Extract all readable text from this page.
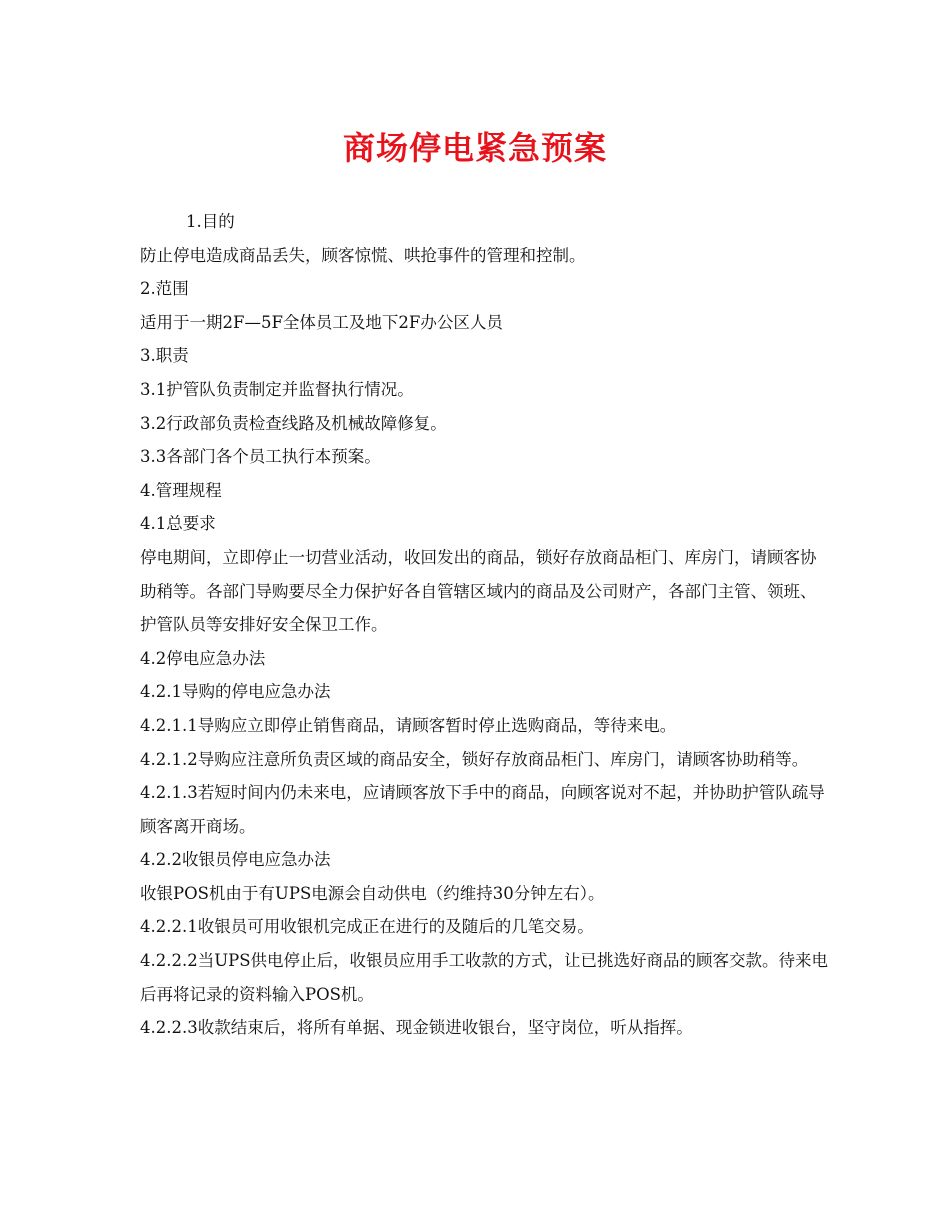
商场停电紧急预案

1.目的

防止停电造成商品丢失，顾客惊慌、哄抢事件的管理和控制。

2.范围

适用于一期2F—5F全体员工及地下2F办公区人员

3.职责

3.1护管队负责制定并监督执行情况。

3.2行政部负责检查线路及机械故障修复。

3.3各部门各个员工执行本预案。

4.管理规程

4.1总要求

停电期间，立即停止一切营业活动，收回发出的商品，锁好存放商品柜门、库房门，请顾客协助稍等。各部门导购要尽全力保护好各自管辖区域内的商品及公司财产，各部门主管、领班、护管队员等安排好安全保卫工作。

4.2停电应急办法

4.2.1导购的停电应急办法

4.2.1.1导购应立即停止销售商品，请顾客暂时停止选购商品，等待来电。

4.2.1.2导购应注意所负责区域的商品安全，锁好存放商品柜门、库房门，请顾客协助稍等。

4.2.1.3若短时间内仍未来电，应请顾客放下手中的商品，向顾客说对不起，并协助护管队疏导顾客离开商场。

4.2.2收银员停电应急办法

收银POS机由于有UPS电源会自动供电（约维持30分钟左右）。

4.2.2.1收银员可用收银机完成正在进行的及随后的几笔交易。

4.2.2.2当UPS供电停止后，收银员应用手工收款的方式，让已挑选好商品的顾客交款。待来电后再将记录的资料输入POS机。

4.2.2.3收款结束后，将所有单据、现金锁进收银台，坚守岗位，听从指挥。
